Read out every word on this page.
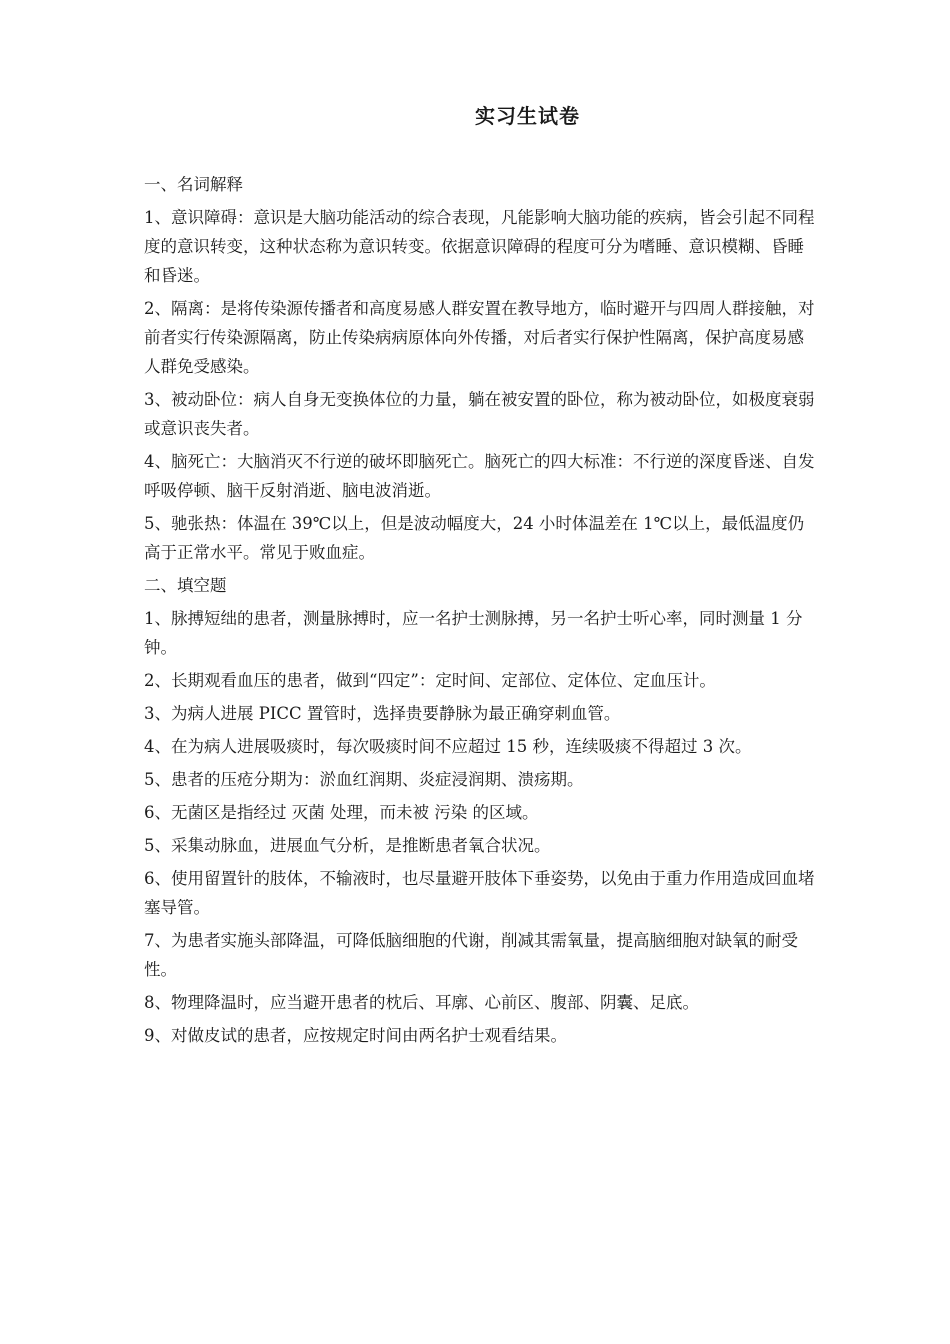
实习生试卷
一、名词解释
1、意识障碍：意识是大脑功能活动的综合表现，凡能影响大脑功能的疾病，皆会引起不同程度的意识转变，这种状态称为意识转变。依据意识障碍的程度可分为嗜睡、意识模糊、昏睡和昏迷。
2、隔离：是将传染源传播者和高度易感人群安置在教导地方，临时避开与四周人群接触，对前者实行传染源隔离，防止传染病病原体向外传播，对后者实行保护性隔离，保护高度易感人群免受感染。
3、被动卧位：病人自身无变换体位的力量，躺在被安置的卧位，称为被动卧位，如极度衰弱或意识丧失者。
4、脑死亡：大脑消灭不行逆的破坏即脑死亡。脑死亡的四大标准：不行逆的深度昏迷、自发呼吸停顿、脑干反射消逝、脑电波消逝。
5、驰张热：体温在 39℃以上，但是波动幅度大，24 小时体温差在 1℃以上，最低温度仍高于正常水平。常见于败血症。
二、填空题
1、脉搏短绌的患者，测量脉搏时，应一名护士测脉搏，另一名护士听心率，同时测量 1 分钟。
2、长期观看血压的患者，做到“四定”：定时间、定部位、定体位、定血压计。
3、为病人进展 PICC 置管时，选择贵要静脉为最正确穿刺血管。
4、在为病人进展吸痰时，每次吸痰时间不应超过 15 秒，连续吸痰不得超过 3 次。
5、患者的压疮分期为：淤血红润期、炎症浸润期、溃疡期。
6、无菌区是指经过 灭菌 处理，而未被 污染 的区域。
5、采集动脉血，进展血气分析，是推断患者氧合状况。
6、使用留置针的肢体，不输液时，也尽量避开肢体下垂姿势，以免由于重力作用造成回血堵塞导管。
7、为患者实施头部降温，可降低脑细胞的代谢，削减其需氧量，提高脑细胞对缺氧的耐受性。
8、物理降温时，应当避开患者的枕后、耳廓、心前区、腹部、阴囊、足底。
9、对做皮试的患者，应按规定时间由两名护士观看结果。
